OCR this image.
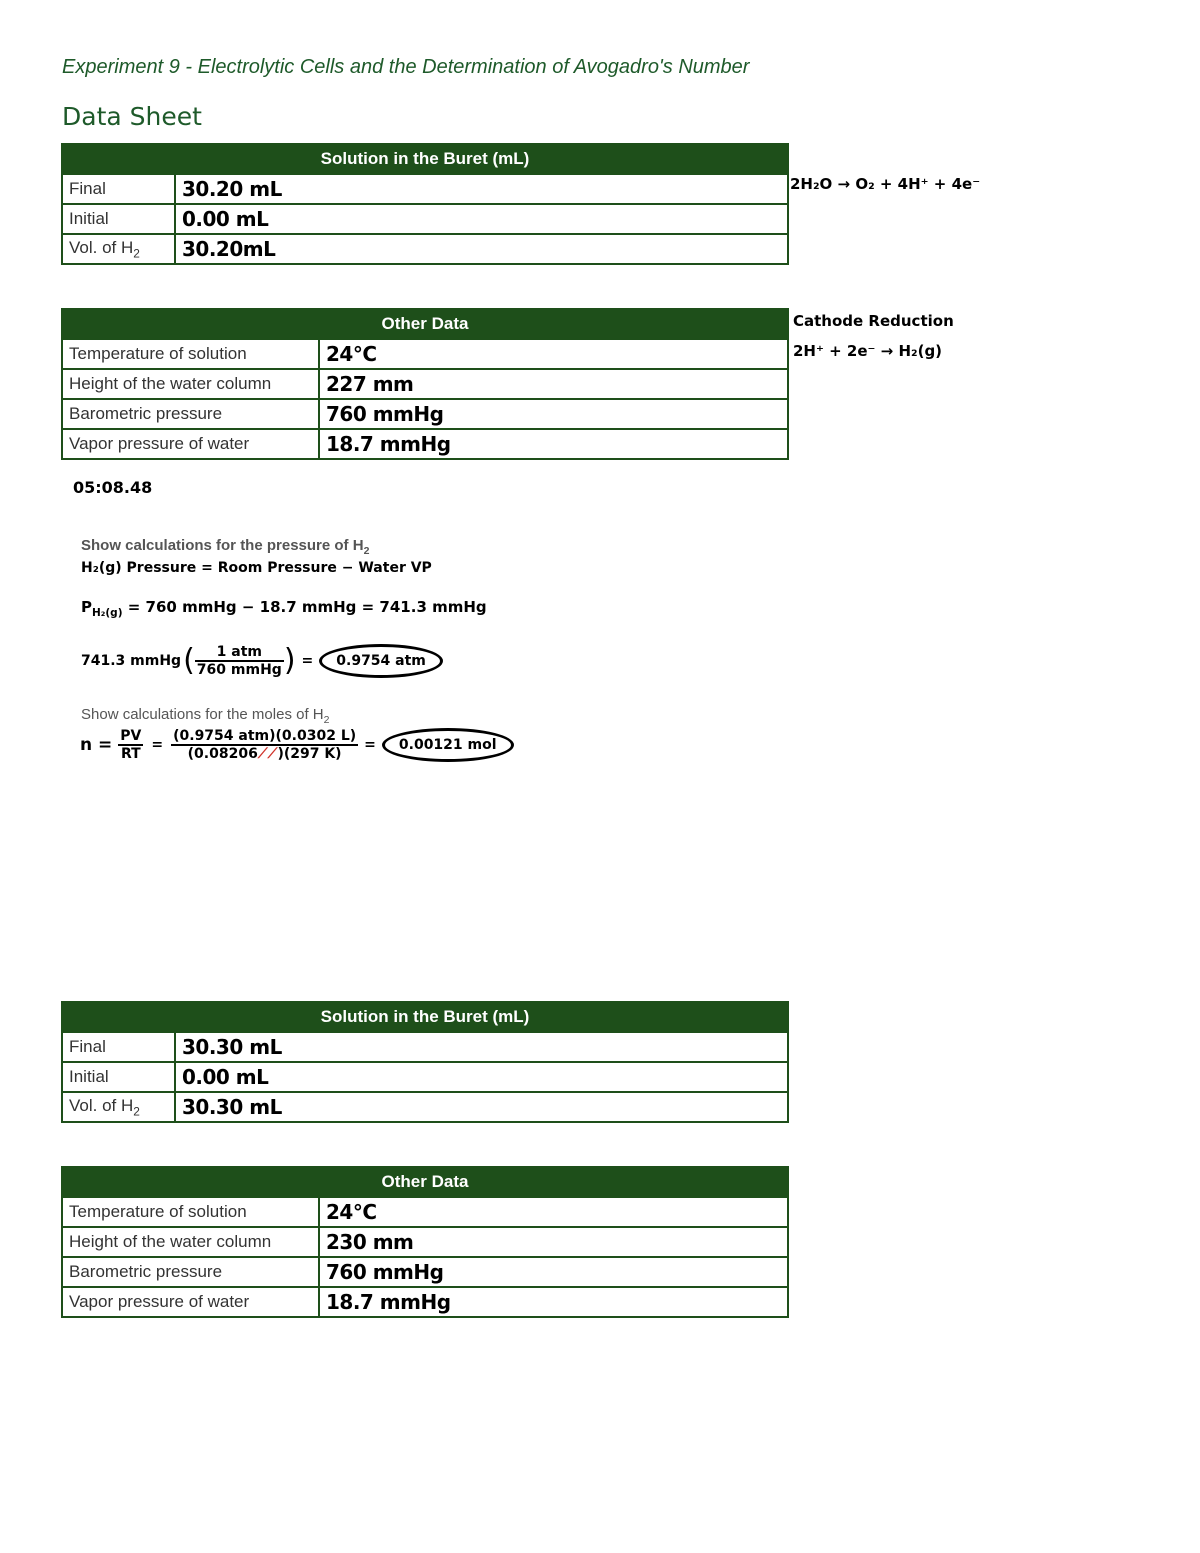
Experiment 9 - Electrolytic Cells and the Determination of Avogadro's Number
Data Sheet
Solution in the Buret (mL)	
Final	30.20 mL
Initial	0.00 mL
Vol. of $H_2$	30.20mL
2H₂O → O₂ + 4H⁺ + 4e⁻
Other Data	
Temperature of solution	24°C
Height of the water column	227 mm
Barometric pressure	760 mmHg
Vapor pressure of water	18.7 mmHg
Cathode Reduction
2H⁺ + 2e⁻ → H₂(g)
05:08.48
Show calculations for the pressure of $H_2$
H₂(g) Pressure = Room Pressure − Water VP
$P_{H_2(g)} = 760$ mmHg − 18.7 mmHg = 741.3 mmHg
741.3 mmHg ( $\frac{\text{1 atm}}{\text{760 mmHg}}$ ) =	0.9754 atm
Show calculations for the moles of $H_2$
$n = \frac{PV}{RT} = \frac{\text{(0.9754 atm)(0.0302 L)}}{(0.08206⟋⟋)(297 K)}$ =	0.00121 mol
Solution in the Buret (mL)	
Final	30.30 mL
Initial	0.00 mL
Vol. of $H_2$	30.30 mL
Other Data	
Temperature of solution	24°C
Height of the water column	230 mm
Barometric pressure	760 mmHg
Vapor pressure of water	18.7 mmHg
